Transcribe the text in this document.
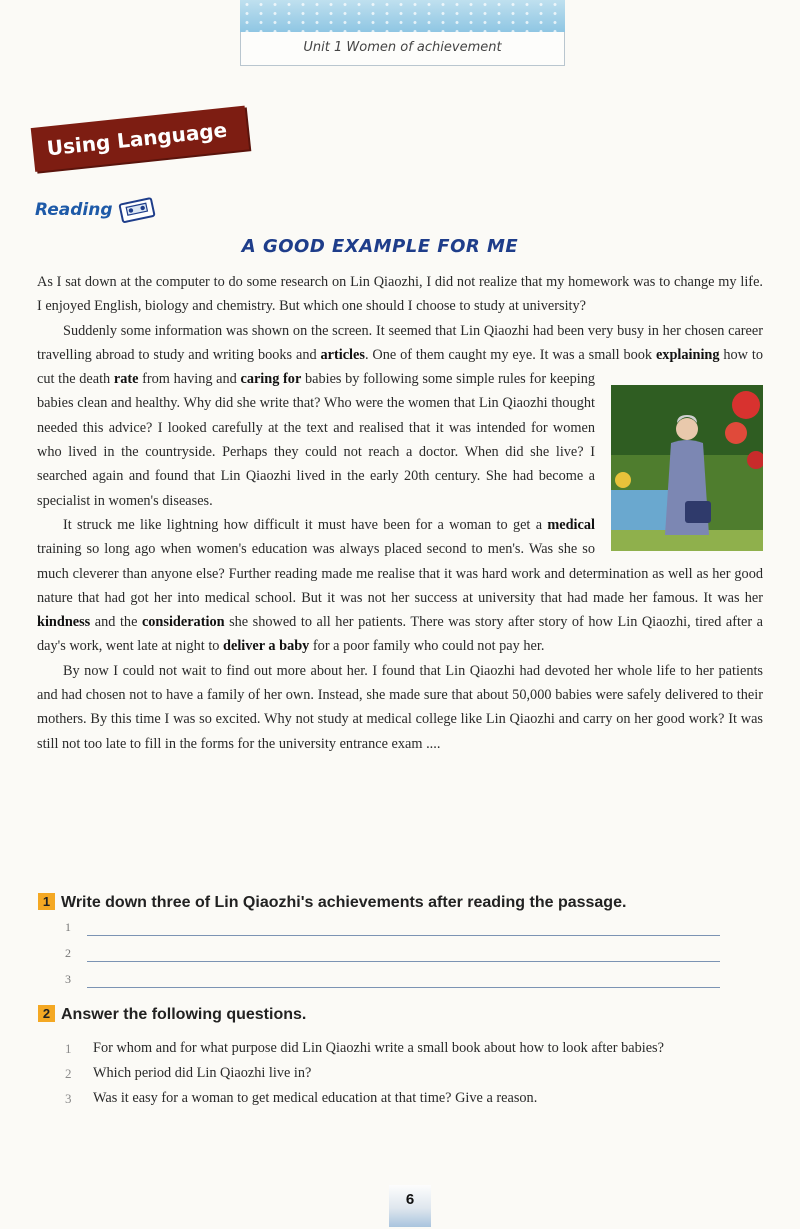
Unit 1 Women of achievement
Using Language
Reading
A GOOD EXAMPLE FOR ME

As I sat down at the computer to do some research on Lin Qiaozhi, I did not realize that my homework was to change my life. I enjoyed English, biology and chemistry. But which one should I choose to study at university?

Suddenly some information was shown on the screen. It seemed that Lin Qiaozhi had been very busy in her chosen career travelling abroad to study and writing books and articles. One of them caught my eye. It was a small book explaining how to cut the death rate
from having and caring for babies by following some simple rules for keeping babies clean and healthy. Why did she write that? Who were the women that Lin Qiaozhi thought needed this advice? I looked carefully at the text and realised that it was intended for women who lived in the countryside. Perhaps they could not reach a doctor. When did she live? I searched again and found that Lin Qiaozhi lived in the early 20th century. She had become a specialist in women's diseases.

It struck me like lightning how difficult it must have been for a woman to get a medical training so long ago when women's education was always placed second to men's. Was she so much cleverer than anyone else? Further reading made me realise that it was hard work and determination as well as her good nature that had got her into medical school. But it was not her success at university that had made her famous. It was her kindness and the consideration she showed to all her patients. There was story after story of how Lin Qiaozhi, tired after a day's work, went late at night to deliver a baby for a poor family who could not pay her.

By now I could not wait to find out more about her. I found that Lin Qiaozhi had devoted her whole life to her patients and had chosen not to have a family of her own. Instead, she made sure that about 50,000 babies were safely delivered to their mothers. By this time I was so excited. Why not study at medical college like Lin Qiaozhi and carry on her good work? It was still not too late to fill in the forms for the university entrance exam ....

1 Write down three of Lin Qiaozhi's achievements after reading the passage.
1
2
3
2 Answer the following questions.
1 For whom and for what purpose did Lin Qiaozhi write a small book about how to look after babies?
2 Which period did Lin Qiaozhi live in?
3 Was it easy for a woman to get medical education at that time? Give a reason.
6
